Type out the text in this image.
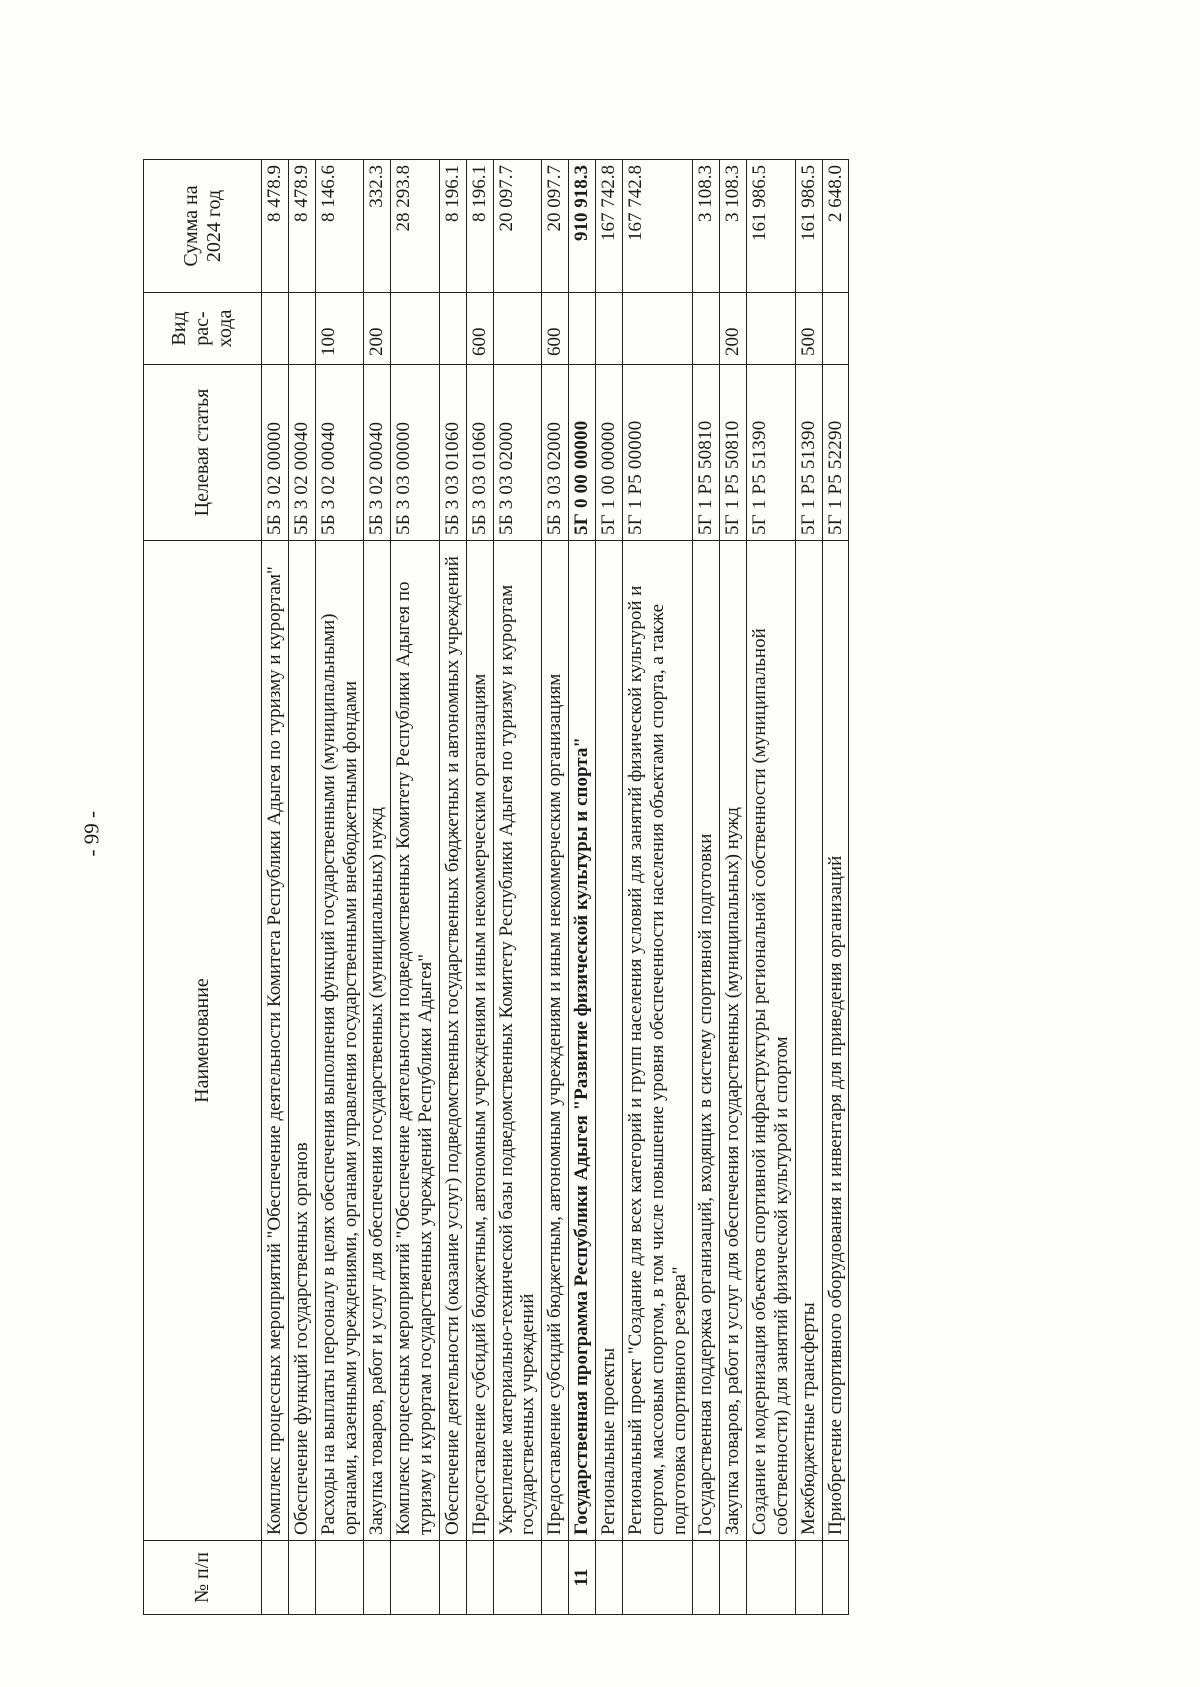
- 99 -
№ п/п	Наименование	Целевая статья	Вид рас-хода	Сумма на 2024 год
	Комплекс процессных мероприятий "Обеспечение деятельности Комитета Республики Адыгея по туризму и курортам"	5Б 3 02 00000		8 478.9
	Обеспечение функций государственных органов	5Б 3 02 00040		8 478.9
	Расходы на выплаты персоналу в целях обеспечения выполнения функций государственными (муниципальными) органами, казенными учреждениями, органами управления государственными внебюджетными фондами	5Б 3 02 00040	100	8 146.6
	Закупка товаров, работ и услуг для обеспечения государственных (муниципальных) нужд	5Б 3 02 00040	200	332.3
	Комплекс процессных мероприятий "Обеспечение деятельности подведомственных Комитету Республики Адыгея по туризму и курортам государственных учреждений Республики Адыгея"	5Б 3 03 00000		28 293.8
	Обеспечение деятельности (оказание услуг) подведомственных государственных бюджетных и автономных учреждений	5Б 3 03 01060		8 196.1
	Предоставление субсидий бюджетным, автономным учреждениям и иным некоммерческим организациям	5Б 3 03 01060	600	8 196.1
	Укрепление материально-технической базы подведомственных Комитету Республики Адыгея по туризму и курортам государственных учреждений	5Б 3 03 02000		20 097.7
	Предоставление субсидий бюджетным, автономным учреждениям и иным некоммерческим организациям	5Б 3 03 02000	600	20 097.7
11	Государственная программа Республики Адыгея "Развитие физической культуры и спорта"	5Г 0 00 00000		910 918.3
	Региональные проекты	5Г 1 00 00000		167 742.8
	Региональный проект "Создание для всех категорий и групп населения условий для занятий физической культурой и спортом, массовым спортом, в том числе повышение уровня обеспеченности населения объектами спорта, а также подготовка спортивного резерва"	5Г 1 Р5 00000		167 742.8
	Государственная поддержка организаций, входящих в систему спортивной подготовки	5Г 1 Р5 50810		3 108.3
	Закупка товаров, работ и услуг для обеспечения государственных (муниципальных) нужд	5Г 1 Р5 50810	200	3 108.3
	Создание и модернизация объектов спортивной инфраструктуры региональной собственности (муниципальной собственности) для занятий физической культурой и спортом	5Г 1 Р5 51390		161 986.5
	Межбюджетные трансферты	5Г 1 Р5 51390	500	161 986.5
	Приобретение спортивного оборудования и инвентаря для приведения организаций	5Г 1 Р5 52290		2 648.0
